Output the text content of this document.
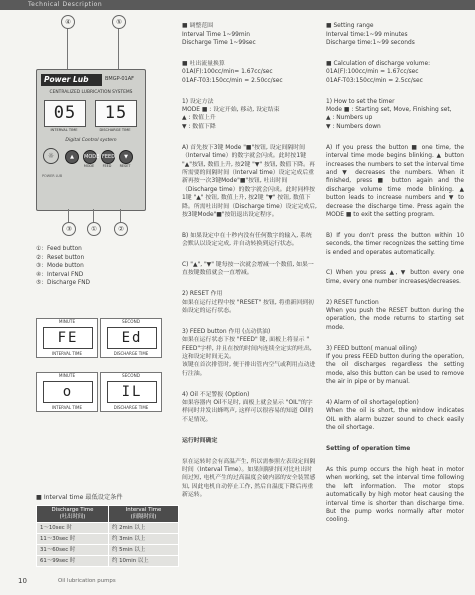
Technical Description
Power Lub	BMGP-01AF
CENTRALIZED LUBRICATION SYSTEMS
05	15
INTERVAL TIME	DISCHARGE TIME
Digital Control system
☼	▲	MODE FEED	▼
MODE	FEED	RESET
POWER LUB
④	⑤
③	①	②
①：Feed button
②：Reset button
③：Mode button
④：Interval FND
⑤：Discharge FND
MINUTE
FE
INTERVAL TIME
SECOND
Ed
DISCHARGE TIME
MINUTE
o
INTERVAL TIME
SECOND
IL
DISCHARGE TIME
■ Interval time 最低设定条件
Discharge Time
(吐出时间)	Interval Time
(间隔时间)
1～10sec 时	约 2min 以上
11～30sec 时	约 3min 以上
31～60sec 时	约 5min 以上
61～99sec 时	约 10min 以上
10	Oil lubrication pumps

■ 调整范围
Interval Time 1~99min
Discharge Time 1~99sec

■ 吐出流量换算
01A(F):100cc/min= 1.67cc/sec
01AF-T03:150cc/min = 2.50cc/sec

1) 设定方法
MODE ■ : 设定开始, 移动, 设定结束
▲ : 数值上升
▼ : 数值下降

A) 首先按下3键 Mode "■"按钮, 设定间隔时间（Interval time）的数字就会闪成。此时按1键 "▲"按钮, 数值上升, 按2键 "▼" 按钮, 数值下降。再所需要的间隔时间（Interval time）设定完成后重新再按一次3键Mode"■"按钮, 吐出时间（Discharge time）的数字就会闪成。此时同样按1键 "▲" 按钮, 数值上升, 按2键 "▼" 按钮, 数值下降。所需吐出时间（Discharge time）设定完成后, 按3键Mode"■"按钮退出设定程序。

B) 如果设定中在十秒内没有任何数字的输入, 系统会默认以设定完成, 并自动转换到运行状态。

C) "▲", "▼" 键每按一次就会增减一个数值, 如果一直按键数值就会一直增减。

2) RESET 作用
如果在运行过程中按 "RESET" 按钮, 将重新回到初始设定的运行状态。

3) FEED button 作用 (点动供油)
如果在运行状态下按 "FEED" 键, 面板上将显示 " FEED"字样, 并且在按的时间内连续全定实的吐出, 这和设定时间无关。
该键在首次排管时, 便于排出管内空气或利用点动进行注油。

4) Oil 不足警报 (Option)
如果容器内 Oil不足时, 面板上就会显示 "OIL"的字样同时并发出蜂鸣声, 这样可以很容易的知道 Oil的不足情况。

运行时间确定

泵在运转时会有高温产生, 所以需参照左表设定间隔时间（Interval Time）。如果间隔时间对比吐出时间过短, 电机产生的过高温度会破内部的安全装置感知, 因此电机自动停止工作, 然后自温度下降后再重新运转。

■ Setting range
Interval time:1~99 minutes
Discharge time:1~99 seconds

■ Calculation of discharge volume:
01A(F):100cc/min = 1.67cc/sec
01AF-T03:150cc/min = 2.5cc/sec

1) How to set the timer
Mode ■ : Starting set, Move, Finishing set,
▲ : Numbers up
▼ : Numbers down

A) If you press the button ■ one time, the interval time mode begins blinking. ▲ button increases the numbers to set the interval time and ▼ decreases the numbers. When it finished, press ■ button again and the discharge volume time mode blinking. ▲ button leads to increase numbers and ▼ to decrease the discharge time. Press again the MODE ■ to exit the setting program.

B) If you don't press the button within 10 seconds, the timer recognizes the setting time is ended and operates automatically.

C) When you press ▲, ▼ button every one time, every one number increases/decreases.

2) RESET function
When you push the RESET button during the operation, the mode returns to starting set mode.

3) FEED button( manual oiling)
If you press FEED button during the operation, the oil discharges regardless the setting mode, also this button can be used to remove the air in pipe or by manual.

4) Alarm of oil shortage(option)
When the oil is short, the window indicates OIL with alarm buzzer sound to check easily the oil shortage.

Setting of operation time

As this pump occurs the high heat in motor when working, set the interval time following the left information. The motor stops automatically by high motor heat causing the interval time is shorter than discharge time. But the pump works normally after motor cooling.
